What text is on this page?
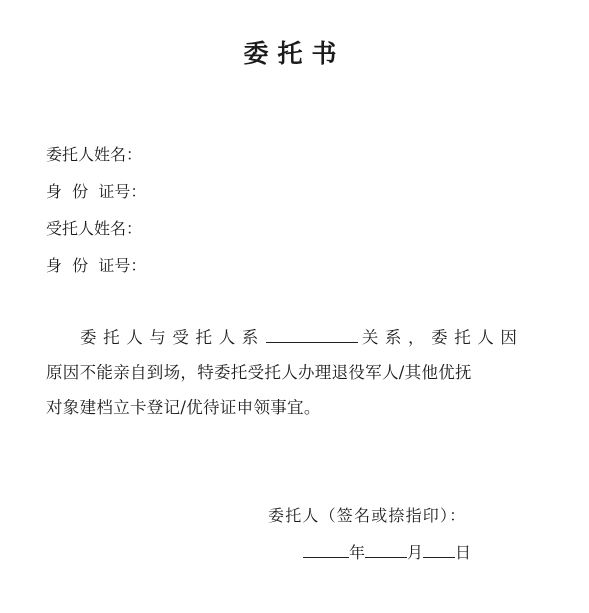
委托书
委托人姓名：
身  份  证号：
受托人姓名：
身  份  证号：
委托人与受托人系	关系，委托人因
原因不能亲自到场，特委托受托人办理退役军人/其他优抚
对象建档立卡登记/优待证申领事宜。
委托人（签名或捺指印）：
年	月 日
